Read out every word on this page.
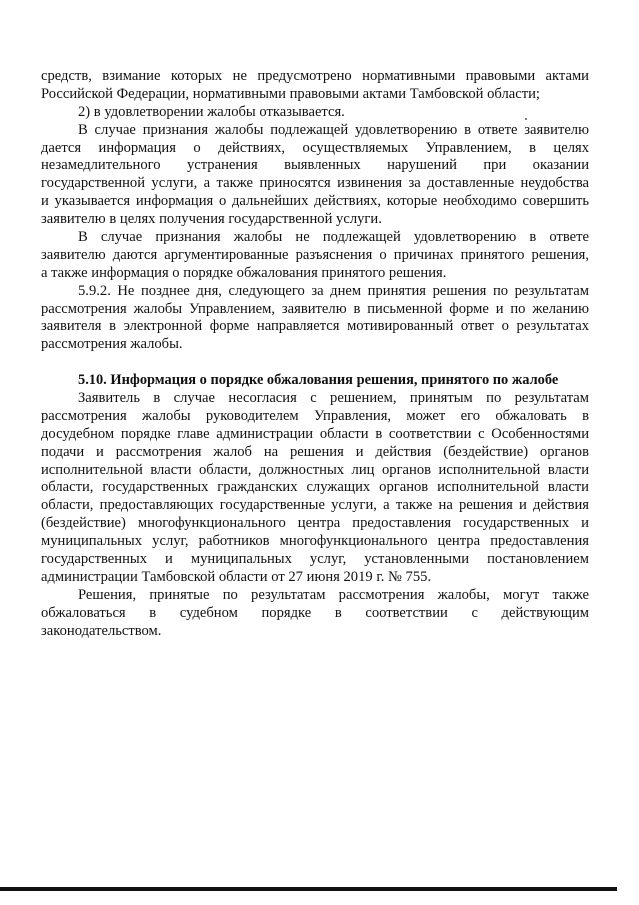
средств, взимание которых не предусмотрено нормативными правовыми актами
Российской Федерации, нормативными правовыми актами Тамбовской области;
2) в удовлетворении жалобы отказывается.
В случае признания жалобы подлежащей удовлетворению в ответе заявителю
дается информация о действиях, осуществляемых Управлением, в целях
незамедлительного устранения выявленных нарушений при оказании
государственной услуги, а также приносятся извинения за доставленные неудобства
и указывается информация о дальнейших действиях, которые необходимо совершить
заявителю в целях получения государственной услуги.
В случае признания жалобы не подлежащей удовлетворению в ответе
заявителю даются аргументированные разъяснения о причинах принятого решения,
а также информация о порядке обжалования принятого решения.
5.9.2. Не позднее дня, следующего за днем принятия решения по результатам
рассмотрения жалобы Управлением, заявителю в письменной форме и по желанию
заявителя в электронной форме направляется мотивированный ответ о результатах
рассмотрения жалобы.
5.10. Информация о порядке обжалования решения, принятого по жалобе
Заявитель в случае несогласия с решением, принятым по результатам
рассмотрения жалобы руководителем Управления, может его обжаловать в
досудебном порядке главе администрации области в соответствии с Особенностями
подачи и рассмотрения жалоб на решения и действия (бездействие) органов
исполнительной власти области, должностных лиц органов исполнительной власти
области, государственных гражданских служащих органов исполнительной власти
области, предоставляющих государственные услуги, а также на решения и действия
(бездействие) многофункционального центра предоставления государственных и
муниципальных услуг, работников многофункционального центра предоставления
государственных и муниципальных услуг, установленными постановлением
администрации Тамбовской области от 27 июня 2019 г. № 755.
Решения, принятые по результатам рассмотрения жалобы, могут также
обжаловаться в судебном порядке в соответствии с действующим
законодательством.
